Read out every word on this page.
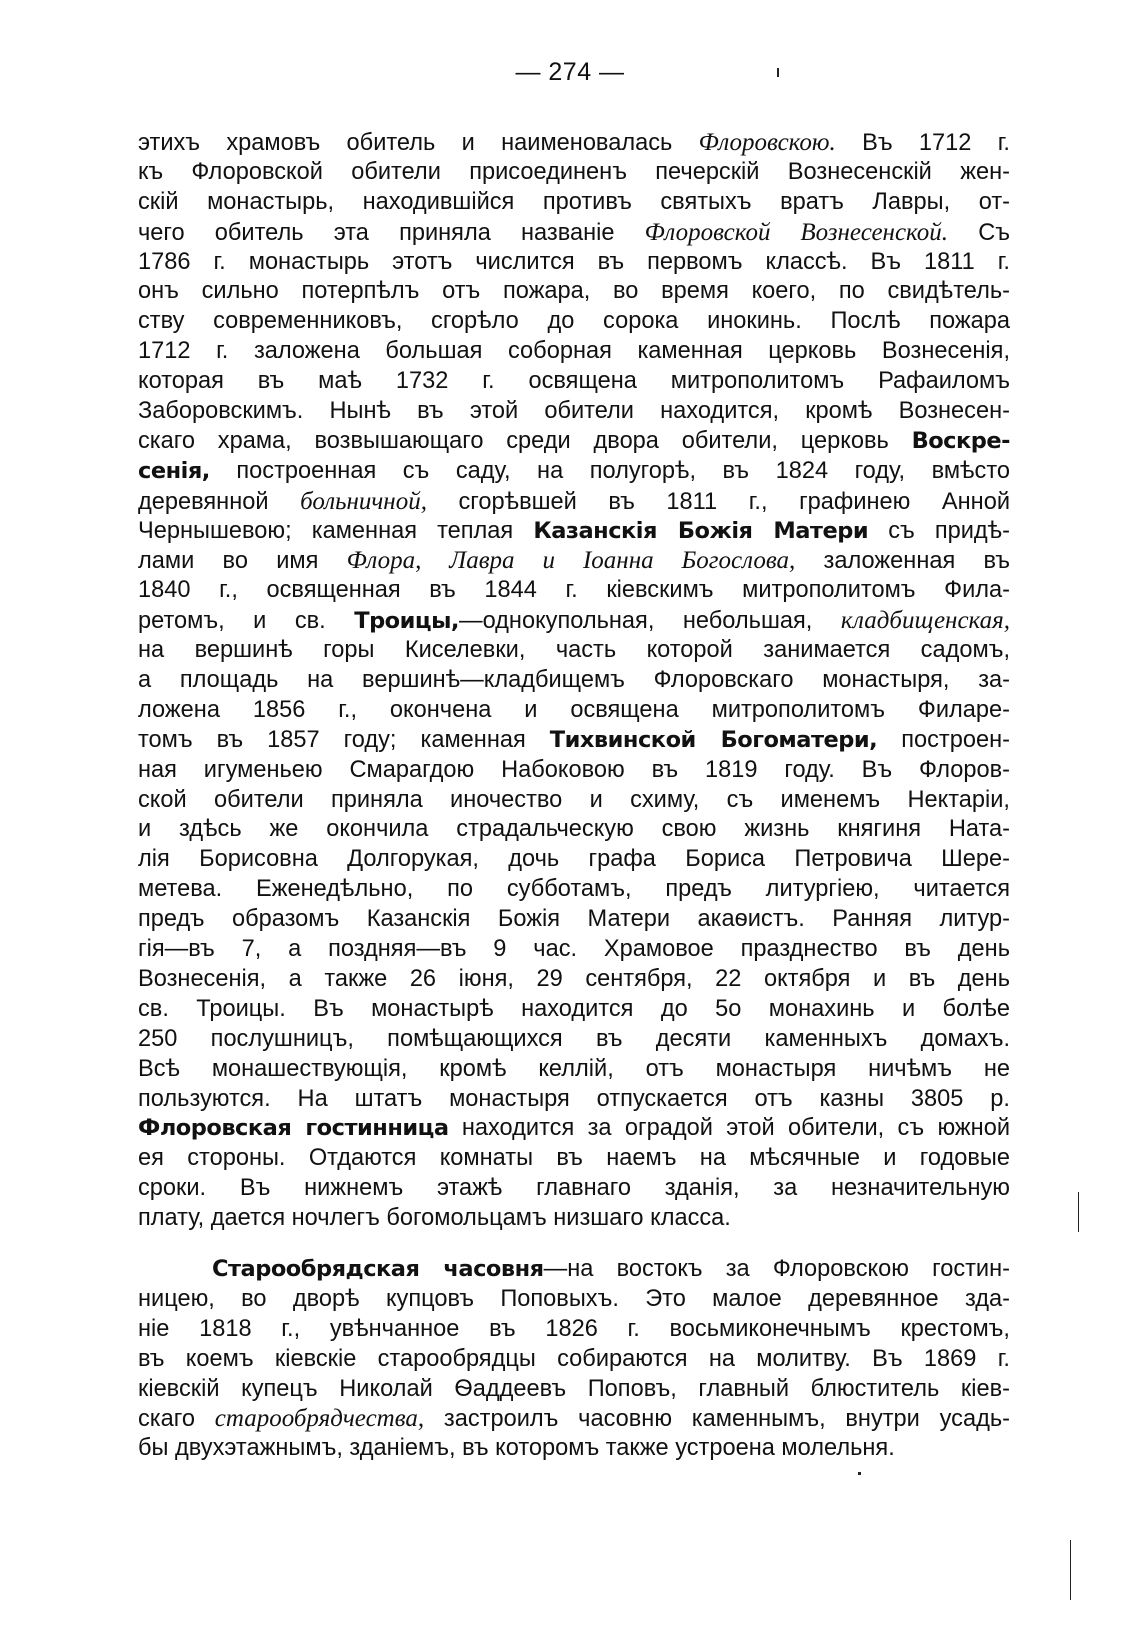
— 274 —
этихъ храмовъ обитель и наименовалась Флоровскою. Въ 1712 г.
къ Флоровской обители присоединенъ печерскiй Вознесенскiй жен-
скiй монастырь, находившiйся противъ святыхъ вратъ Лавры, от-
чего обитель эта приняла названiе Флоровской Вознесенской. Съ
1786 г. монастырь этотъ числится въ первомъ классѣ. Въ 1811 г.
онъ сильно потерпѣлъ отъ пожара, во время коего, по свидѣтель-
ству современниковъ, сгорѣло до сорока инокинь. Послѣ пожара
1712 г. заложена большая соборная каменная церковь Вознесенiя,
которая въ маѣ 1732 г. освящена митрополитомъ Рафаиломъ
Заборовскимъ. Нынѣ въ этой обители находится, кромѣ Вознесен-
скаго храма, возвышающаго среди двора обители, церковь Воскре-
сенiя, построенная съ саду, на полугорѣ, въ 1824 году, вмѣсто
деревянной больничной, сгорѣвшей въ 1811 г., графинею Анной
Чернышевою; каменная теплая Казанскiя Божiя Матери съ придѣ-
лами во имя Флора, Лавра и Iоанна Богослова, заложенная въ
1840 г., освященная въ 1844 г. кiевскимъ митрополитомъ Фила-
ретомъ, и св. Троицы,—однокупольная, небольшая, кладбищенская,
на вершинѣ горы Киселевки, часть которой занимается садомъ,
а площадь на вершинѣ—кладбищемъ Флоровскаго монастыря, за-
ложена 1856 г., окончена и освящена митрополитомъ Филаре-
томъ въ 1857 году; каменная Тихвинской Богоматери, построен-
ная игуменьею Смарагдою Набоковою въ 1819 году. Въ Флоров-
ской обители приняла иночество и схиму, съ именемъ Нектарiи,
и здѣсь же окончила страдальческую свою жизнь княгиня Ната-
лiя Борисовна Долгорукая, дочь графа Бориса Петровича Шере-
метева. Еженедѣльно, по субботамъ, предъ литургiею, читается
предъ образомъ Казанскiя Божiя Матери акаѳистъ. Ранняя литур-
гiя—въ 7, а поздняя—въ 9 час. Храмовое празднество въ день
Вознесенiя, а также 26 iюня, 29 сентября, 22 октября и въ день
св. Троицы. Въ монастырѣ находится до 5о монахинь и болѣе
250 послушницъ, помѣщающихся въ десяти каменныхъ домахъ.
Всѣ монашествующiя, кромѣ келлiй, отъ монастыря ничѣмъ не
пользуются. На штатъ монастыря отпускается отъ казны 3805 р.
Флоровская гостинница находится за оградой этой обители, съ южной
ея стороны. Отдаются комнаты въ наемъ на мѣсячные и годовые
сроки. Въ нижнемъ этажѣ главнаго зданiя, за незначительную
плату, дается ночлегъ богомольцамъ низшаго класса.
Старообрядская часовня—на востокъ за Флоровскою гостин-
ницею, во дворѣ купцовъ Поповыхъ. Это малое деревянное зда-
нiе 1818 г., увѣнчанное въ 1826 г. восьмиконечнымъ крестомъ,
въ коемъ кiевскiе старообрядцы собираются на молитву. Въ 1869 г.
кiевскiй купецъ Николай Ѳаддеевъ Поповъ, главный блюститель кiев-
скаго старообрядчества, застроилъ часовню каменнымъ, внутри усадь-
бы двухэтажнымъ, зданiемъ, въ которомъ также устроена молельня.
